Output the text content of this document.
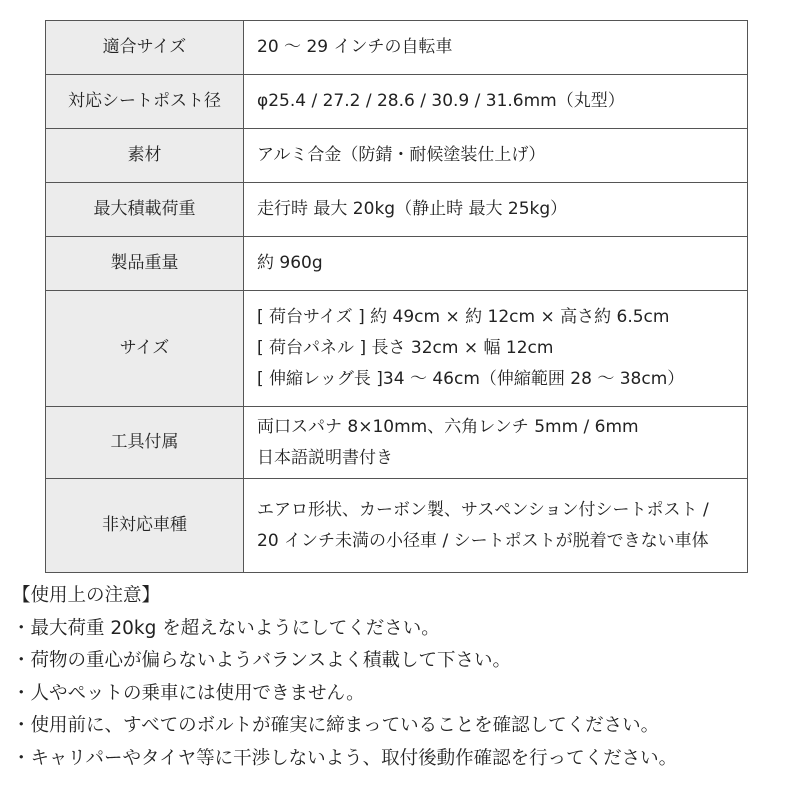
適合サイズ	20 ～ 29 インチの自転車

対応シートポスト径	φ25.4 / 27.2 / 28.6 / 30.9 / 31.6mm（丸型）

素材	アルミ合金（防錆・耐候塗装仕上げ）

最大積載荷重	走行時 最大 20kg（静止時 最大 25kg）

製品重量	約 960g

サイズ	[ 荷台サイズ ] 約 49cm × 約 12cm × 高さ約 6.5cm
[ 荷台パネル ] 長さ 32cm × 幅 12cm
[ 伸縮レッグ長 ]34 ～ 46cm（伸縮範囲 28 ～ 38cm）

工具付属	両口スパナ 8×10mm、六角レンチ 5mm / 6mm
日本語説明書付き

非対応車種	エアロ形状、カーボン製、サスペンション付シートポスト /
20 インチ未満の小径車 / シートポストが脱着できない車体
【使用上の注意】
・最大荷重 20kg を超えないようにしてください。
・荷物の重心が偏らないようバランスよく積載して下さい。
・人やペットの乗車には使用できません。
・使用前に、すべてのボルトが確実に締まっていることを確認してください。
・キャリパーやタイヤ等に干渉しないよう、取付後動作確認を行ってください。
